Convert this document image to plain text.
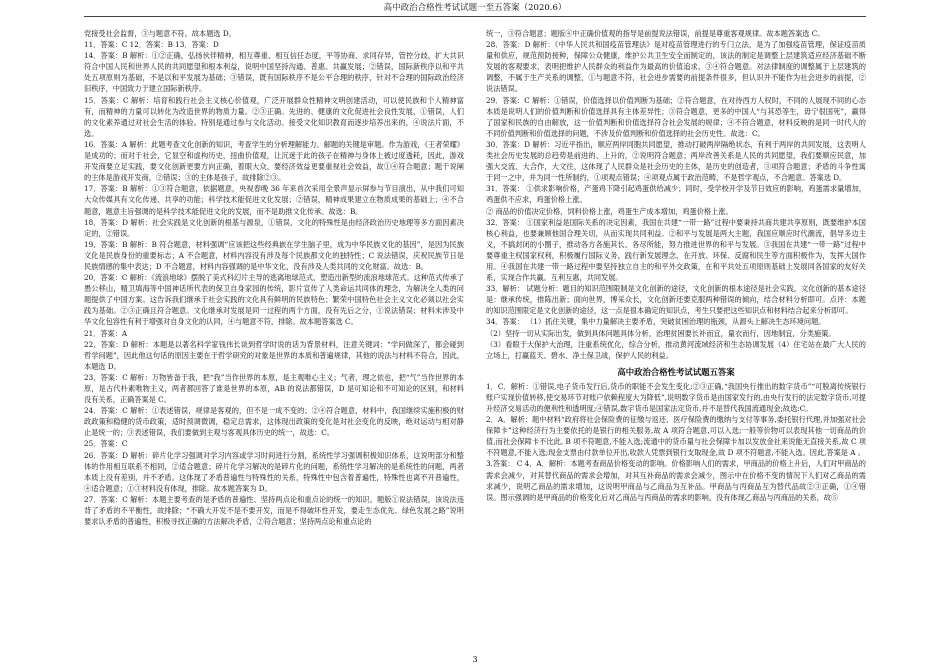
高中政治合格性考试试题一至五答案（2020.6）

党接受社会监督，③与题意不符。故本题选 D。

11．答案：C 12．答案：B 13．答案：D

14．答案：B 解析：①②正确，弘扬伙伴精神，相互尊重、相互信任态度，平等协商、求同存异，管控分歧，扩大共识符合中国人民和世界人民的共同愿望和根本利益，说明中国坚持沟通、普惠、共赢发展；②错误，国际新秩序以和平共处五项原则为基础，不是以和平发展为基础；③错误，既有国际秩序不是公平合理的秩序，针对不合理的国际政治经济旧秩序，中国致力于建立国际新秩序。

15．答案：C 解析：培育和践行社会主义核心价值观，广泛开展群众性精神文明创建活动，可以使民族和个人精神富有，而精神的力量可以转化为改造世界的物质力量。②③正确。先进的、健康的文化促进社会良性发展，①错误，人们的文化素养通过对社会生活的体验。特别是通过参与文化活动、接受文化知识教育而逐步培养出来的，④说法片面，不选。

16．答案：A 解析：此题考查文化创新的知识，考查学生的分析理解能力。解题的关键是审题。作为游戏，《王者荣耀》是成功的；而对于社会，它显空和虚构历史，扭曲价值观，让沉迷于此的孩子在精神与身体上被过度透耗，因此，游戏开发商要立足实践，要文化创新更要方向正确，着眼大众，要经济效益更要重视社会效益，故①④符合题意；题干说阐的主体是游戏开发商，②错误；③的主体是孩子，故排除②③。

17．答案：B 解析：①③符合题意，依据题意，央视春晚 36 年来首次采用全景声显示屏参与节目演出，从中我们可知大众传媒具有文化传递、共享的功能；科学技术能促进文化发展；②错误，精神成果建立在物质成果的基础上；④不合题意，题意主旨强调的是科学技术能促进文化的发展，而不是助推文化传承。故选：B。

18．答案：D 解析：社会实践是文化创新的根基与源泉，①错误，文化的特殊性是由经济政治历史地理等多方面因素决定的，②错误。

19．答案：B 解析：B 符合题意，材料强调“应该把这些经典嵌在学生脑子里，成为中华民族文化的基因”，是因为民族文化是民族身份的重要标志；A 不合题意，材料内容没有涉及每个民族都文化的独特性；C 说法错误，庆祝民族节日是民族情感的集中表达；D 不合题意，材料内容强调的是中华文化，没有涉及人类共同的文化财富。故选：B。

20．答案：C 解析：《流浪地球》摆脱了美式科幻片主导的逃离地球范式，塑造出新型的流浪地球范式。这种范式传承了愚公移山，精卫填海等中国神话所代表的保卫自身家园的传统，影片宣传了人类命运共同体的理念，为解决全人类的问题提供了中国方案。这告诉我们继承于社会实践的文化具有鲜明的民族特色；繁荣中国特色社会主义文化必须以社会实践为基础。②③正确且符合题意。文化继承对发展是同一过程的两个方面，没有先后之分，①说法错误；材料未涉及中华文化包容性有利于增强对自身文化的认同，④与题意不符，排除。故本题答案选 C。

21．答案：A

22．答案：D 解析：本题是以著名科学家钱伟长谈到哲学时说的话为背景材料，注意关键词：“学问做深了，都会碰到哲学问题”，因此他这句话的原因主要在于哲学研究的对象是世界的本质和普遍规律，其他的说法与材料不符合，因此，本题选 D。

23．答案：C 解析：万物皆备于我，把“我”当作世界的本原，是主观唯心主义；气者，理之依也，把“气”当作世界的本原，是古代朴素唯物主义，两者都回答了谁是世界的本原，AB 的说法都错误，D 是可知论和不可知论的区别，和材料没有关系，正确答案是 C。

24．答案：C 解析：①表述错误，规律是客观的，但不是一成不变的；②④符合题意，材料中，我国继续实施积极的财政政策和稳健的货币政策，适时预调微调，稳定总需求，这体现出政策的变化是对社会变化的反映，绝对运动与相对静止是统一的；③表述错误，我们要做到主观与客观具体历史的统一，故选：C。

25．答案：C

26．答案：D 解析：碎片化学习强调对学习内容或学习时间进行分割，系统性学习强调积极知识体系，这说明部分和整体的作用相互联系不相同，②适合题意；碎片化学习解决的是碎片化的问题，系统性学习解决的是系统性的问题，两者本质上没有差别，并不矛盾。这体现了矛盾普遍性与特殊性的关系，特殊性中包含着普遍性，特殊性也离不开普遍性，④适合题意；①③材料没有体现，排除。故本题答案为 D。

27．答案：C 解析：本题主要考查的是矛盾的普遍性、坚持两点论和重点论的统一的知识。题版①说法错误，该说法违背了矛盾的不平衡性，故排除；“不确大开发不是不要开发，而是不得破坏性开发，要走生态优先、绿色发展之路”说明要求认矛盾的普遍性，积极寻找正确的方法解决矛盾，②符合题意；坚持两点论和重点论的

统一，③符合题意；题版④中正确价值观的指导是前提说法错误，前提是尊重客观规律。故本题答案选 C。

28．答案：D 解析：《中华人民共和国疫苗管理法》是对疫苗管理进行的专门立法，是为了加强疫苗管理，保证疫苗质量和供应，规范预防接种，保障公众健康，维护公共卫生安全而制定的，该法的制定是调整上层建筑适应经济基础不断发展的客观要求，表明把维护人民群众的利益作为最高的价值追求，③④符合题意。对法律制度的调整属于上层建筑的调整，不属于生产关系的调整，①与题意不符，社会进步需要的前提条件很多，但认识并不能作为社会进步的前提，②说法错误。

29．答案：C 解析：①错误，价值选择以价值判断为基础；②符合题意，在对待西方人权时，不同的人展现不同的心态本质是说明人们的价值判断和价值选择具有主体差异性；③符合题意，更多的中国人“与其恐等生，毋宁很国死”，赢得了国家和民族的自由解放，这一价值判断和价值选择符合社会发展的规律；④不符合题意，材料反映的是同一时代人的不同价值判断和价值选择的问题，不涉及价值判断和价值选择的社会历史性。故选：C。

30．答案：D 解析：习近平指出，顺应两岸同胞共同愿望，推动打破两岸隔绝状态，有利于两岸的共同发展，这表明人类社会历史发展的总趋势是前进的、上升的，②说明符合题意；两岸改善关系是人民的共同愿望，我们要顺应民意，加强大交流、大合作，大文往，这体现了人民群众是社会历史的主体，是历史的创造者，③项符合题意；矛盾的斗争性寓于同一之中，并为同一性所制约，①项观点错误；④项观点属于政治范畴，不是哲学观点，不合题意。答案选 D。

31．答案： ①供求影响价格，产蛋鸡下降引起鸡蛋供给减少；同时，受学校开学及节日效应的影响，鸡蛋需求量增加，鸡蛋供不应求，鸡蛋价格上涨。

② 商品的价值决定价格，饲料价格上涨，鸡蛋生产成本增加，鸡蛋价格上涨。

32．答案： ①国家利益是国际关系的决定因素，我国在共建“一带一路”过程中要秉持共商共建共享原则，既要维护本国核心利益，也要兼顾他国合理关切，从而实现共同利益。②和平与发展是两大主题，我国应顺应时代潮流，倡导多边主义，不搞封闭的小圈子，推动各方各施其长、各尽所能，努力推进世界的和平与发展。③我国在共建“一带一路”过程中要尊重主权国家权利，积极履行国际义务，践行新发展理念，在开放、环保、反腐和民生等方面积极作为，发挥大国作用。④我国在共建一带一路过程中要坚持独立自主的和平外交政策，在和平共处五项原则基础上发展同各国家的友好关系，实现合作共赢。互利互惠，共同发展。

33．解析： 试题分析：题目的知识范围限制是文化创新的途径，文化创新的根本途径是社会实践，文化创新的基本途径是：继承传统，推陈出新；面向世界，博采众长，文化创新还要克服两种错误的倾向，结合材料分析即可。点评：本题的知识范围限定是文化创新的途径，这一点是很本确定的知识点，考生只要把这些知识点和材料结合起来分析即可。

34．答案： （1）抓住关键，集中力量解决主要矛盾，突破贫困治理的瓶颈，从源头上解决生态环境问题。

（2）坚持一切从实际出发，做到具体问题具体分析，治理贫困要长补而宜，量衣而行，因地制宜，分类施策。

（3）看眼于大保护大治理，注重系统优化，综合分析，推动黄河流域经济和生态协调发展（4）住宅站在最广大人民的立场上，打赢蓝天、碧水、净土保卫战，保护人民的利益。

高中政治合格性考试试题五答案

1．C．解析：①错误,电子货币发行后,货币的职能不会发生变化;②③正确,“我国央行推出的数字货币”“可脱离传统银行账户实现价值转移,使交易环节对账户依赖程度大为降低”,说明数字货币是由国家发行的,由央行发行的法定数字货币,可提升经济交易活动的便利性和透明度;④错误,数字货币是国家法定货币,并不是替代我国流通现金;故选:C。

2．A．解析：题中材料“政府将社会保险费的征缴与返还、医疗保险费的缴纳与支付等事务,委托银行代理,并加强对社会保障卡”这种经济行为主要依托的是银行的相关服务,故 A 项符合题意,可以入选;一般等价物可以表现其他一切商品的价值,而社会保障卡不比此, B 项不符题意,不能入选;流通中的货币量与社会保障卡加以发放金社来说能无直接关系,故 C 项不符题意,不能入选;现金支票由付款单位开出,收款人凭票到银行支取现金,故 D 项不符题意,不能入选。因此,答案是 A 。

3.答案： C 4．A．解析：本题考查商品价格变动的影响。价格影响人们的需求，甲商品的价格上升后，人们对甲商品的需求会减少，对其替代商品的需求会增加，对其互补商品的需求会减少，图示中在价格不变的情况下人们对乙商品的需求减少，说明乙商品的需求增加，这说明甲商品与乙商品为互补品。甲商品与丙商品互为替代品故②③正确，①④错误。图示强调的是甲商品的价格变化后对乙商品与丙商品的需求的影响，没有体现乙商品与丙商品的关系，故⑤

3
